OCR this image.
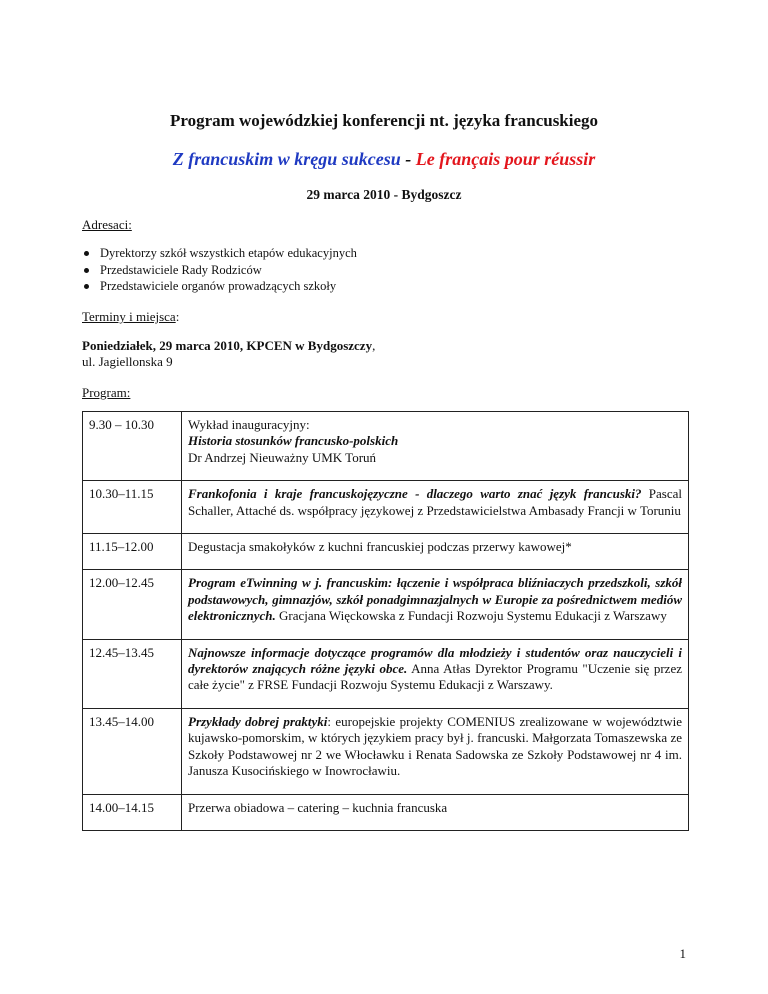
Program wojewódzkiej konferencji nt. języka francuskiego
Z francuskim w kręgu sukcesu - Le français pour réussir
29 marca 2010 - Bydgoszcz
Adresaci:
Dyrektorzy szkół wszystkich etapów edukacyjnych
Przedstawiciele Rady Rodziców
Przedstawiciele organów prowadzących szkoły
Terminy i miejsca:
Poniedziałek, 29 marca 2010, KPCEN w Bydgoszczy,
ul. Jagiellonska 9
Program:
9.30 – 10.30	Wykład inauguracyjny:
Historia stosunków francusko-polskich
Dr Andrzej Nieuważny UMK Toruń
10.30–11.15	Frankofonia i kraje francuskojęzyczne - dlaczego warto znać język francuski? Pascal Schaller, Attaché ds. współpracy językowej z Przedstawicielstwa Ambasady Francji w Toruniu
11.15–12.00	Degustacja smakołyków z kuchni francuskiej podczas przerwy kawowej*
12.00–12.45	Program eTwinning w j. francuskim: łączenie i współpraca bliźniaczych przedszkoli, szkół podstawowych, gimnazjów, szkół ponadgimnazjalnych w Europie za pośrednictwem mediów elektronicznych. Gracjana Więckowska z Fundacji Rozwoju Systemu Edukacji z Warszawy
12.45–13.45	Najnowsze informacje dotyczące programów dla młodzieży i studentów oraz nauczycieli i dyrektorów znających różne języki obce. Anna Atłas Dyrektor Programu "Uczenie się przez całe życie" z FRSE Fundacji Rozwoju Systemu Edukacji z Warszawy.
13.45–14.00	Przykłady dobrej praktyki: europejskie projekty COMENIUS zrealizowane w województwie kujawsko-pomorskim, w których językiem pracy był j. francuski. Małgorzata Tomaszewska ze Szkoły Podstawowej nr 2 we Włocławku i Renata Sadowska ze Szkoły Podstawowej nr 4 im. Janusza Kusocińskiego w Inowrocławiu.
14.00–14.15	Przerwa obiadowa – catering – kuchnia francuska
1
